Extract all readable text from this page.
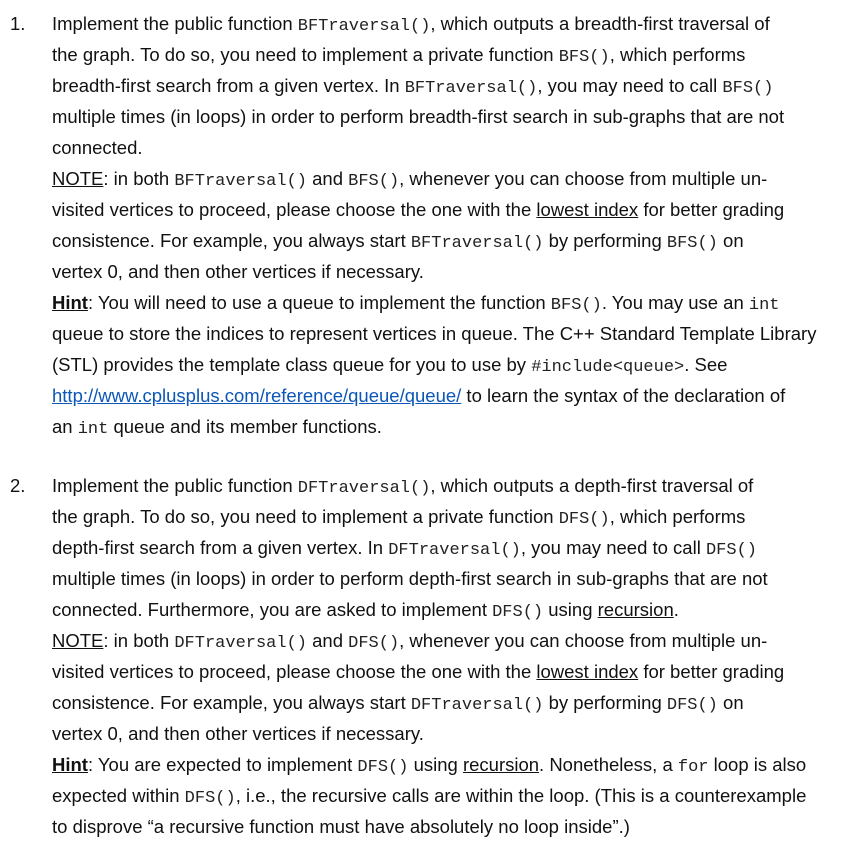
1. Implement the public function BFTraversal(), which outputs a breadth-first traversal of
the graph. To do so, you need to implement a private function BFS(), which performs
breadth-first search from a given vertex. In BFTraversal(), you may need to call BFS()
multiple times (in loops) in order to perform breadth-first search in sub-graphs that are not
connected.
NOTE: in both BFTraversal() and BFS(), whenever you can choose from multiple un-
visited vertices to proceed, please choose the one with the lowest index for better grading
consistence. For example, you always start BFTraversal() by performing BFS() on
vertex 0, and then other vertices if necessary.
Hint: You will need to use a queue to implement the function BFS(). You may use an int
queue to store the indices to represent vertices in queue. The C++ Standard Template Library
(STL) provides the template class queue for you to use by #include<queue>. See
http://www.cplusplus.com/reference/queue/queue/ to learn the syntax of the declaration of
an int queue and its member functions.
2. Implement the public function DFTraversal(), which outputs a depth-first traversal of
the graph. To do so, you need to implement a private function DFS(), which performs
depth-first search from a given vertex. In DFTraversal(), you may need to call DFS()
multiple times (in loops) in order to perform depth-first search in sub-graphs that are not
connected. Furthermore, you are asked to implement DFS() using recursion.
NOTE: in both DFTraversal() and DFS(), whenever you can choose from multiple un-
visited vertices to proceed, please choose the one with the lowest index for better grading
consistence. For example, you always start DFTraversal() by performing DFS() on
vertex 0, and then other vertices if necessary.
Hint: You are expected to implement DFS() using recursion. Nonetheless, a for loop is also
expected within DFS(), i.e., the recursive calls are within the loop. (This is a counterexample
to disprove “a recursive function must have absolutely no loop inside”.)
